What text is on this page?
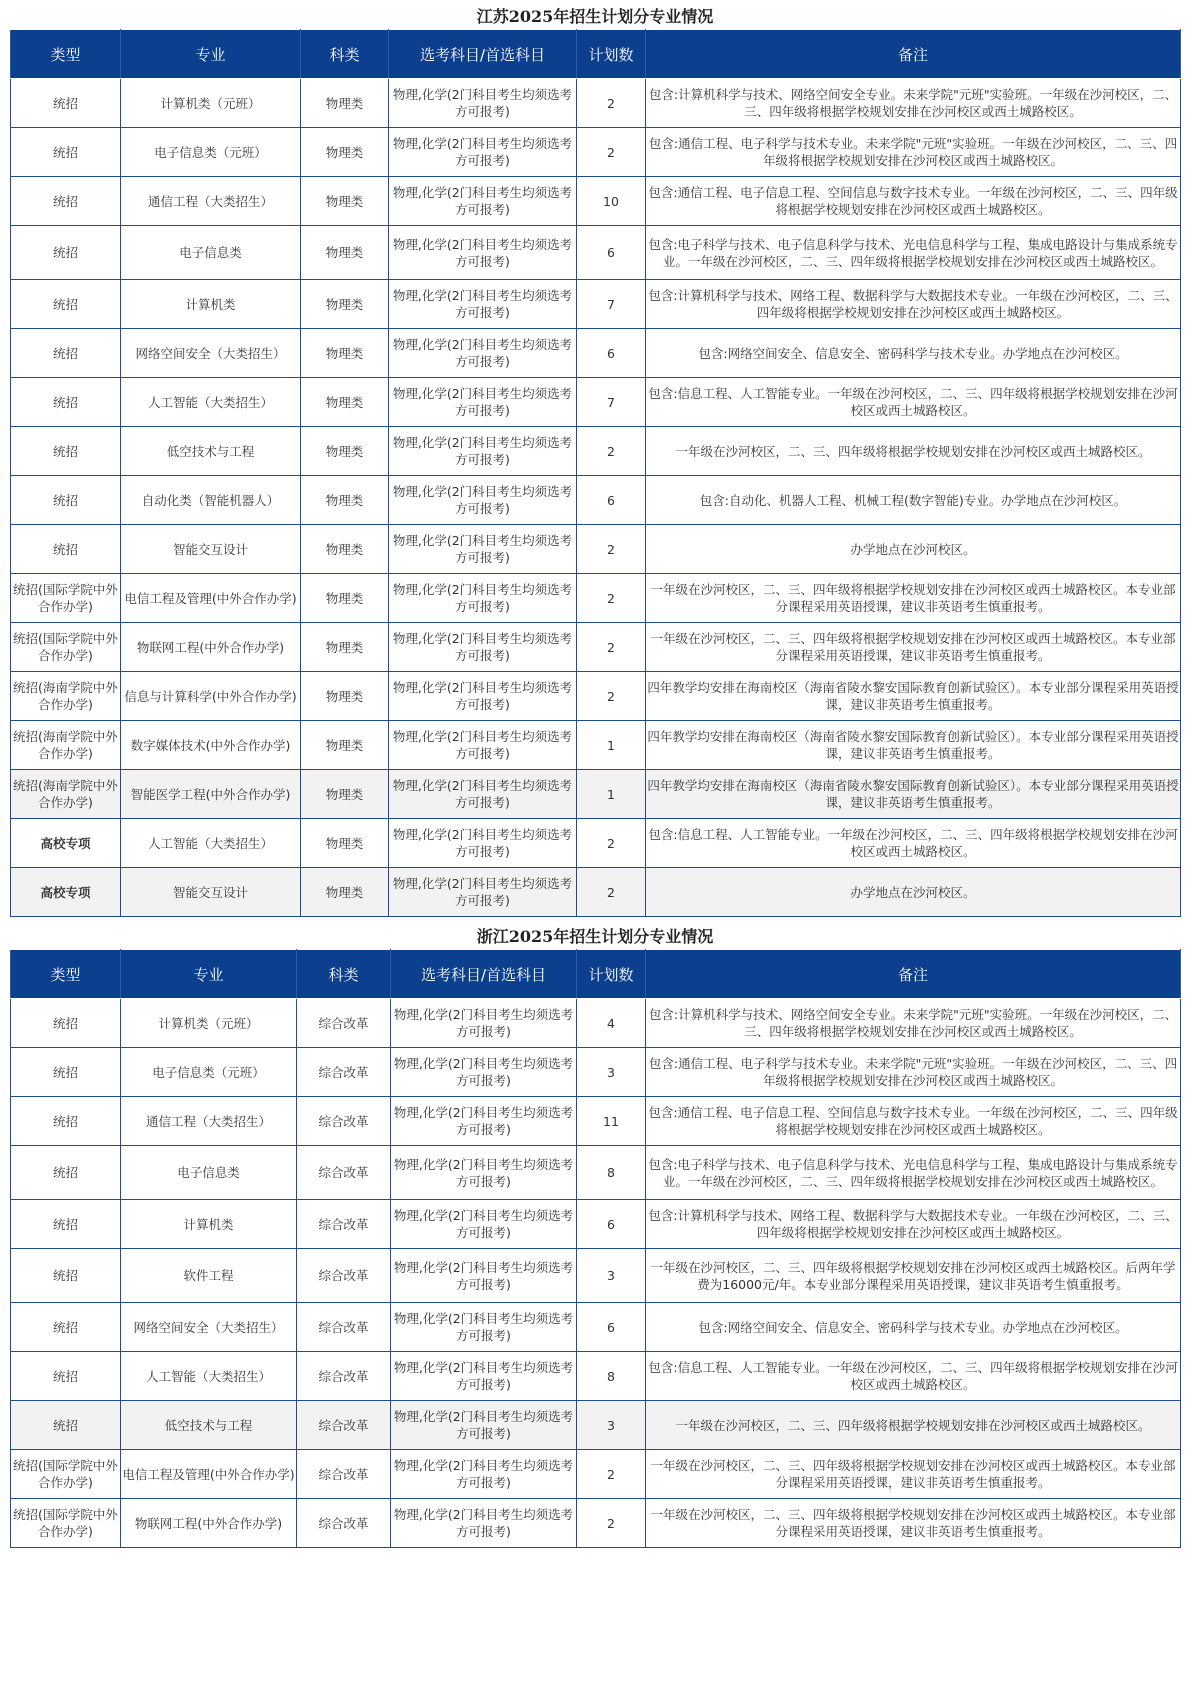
江苏2025年招生计划分专业情况
类型	专业	科类	选考科目/首选科目	计划数	备注
统招	计算机类（元班）	物理类	物理,化学(2门科目考生均须选考方可报考)	2	包含:计算机科学与技术、网络空间安全专业。未来学院"元班"实验班。一年级在沙河校区，二、三、四年级将根据学校规划安排在沙河校区或西土城路校区。
统招	电子信息类（元班）	物理类	物理,化学(2门科目考生均须选考方可报考)	2	包含:通信工程、电子科学与技术专业。未来学院"元班"实验班。一年级在沙河校区，二、三、四年级将根据学校规划安排在沙河校区或西土城路校区。
统招	通信工程（大类招生）	物理类	物理,化学(2门科目考生均须选考方可报考)	10	包含:通信工程、电子信息工程、空间信息与数字技术专业。一年级在沙河校区，二、三、四年级将根据学校规划安排在沙河校区或西土城路校区。
统招	电子信息类	物理类	物理,化学(2门科目考生均须选考方可报考)	6	包含:电子科学与技术、电子信息科学与技术、光电信息科学与工程、集成电路设计与集成系统专业。一年级在沙河校区，二、三、四年级将根据学校规划安排在沙河校区或西土城路校区。
统招	计算机类	物理类	物理,化学(2门科目考生均须选考方可报考)	7	包含:计算机科学与技术、网络工程、数据科学与大数据技术专业。一年级在沙河校区，二、三、四年级将根据学校规划安排在沙河校区或西土城路校区。
统招	网络空间安全（大类招生）	物理类	物理,化学(2门科目考生均须选考方可报考)	6	包含:网络空间安全、信息安全、密码科学与技术专业。办学地点在沙河校区。
统招	人工智能（大类招生）	物理类	物理,化学(2门科目考生均须选考方可报考)	7	包含:信息工程、人工智能专业。一年级在沙河校区，二、三、四年级将根据学校规划安排在沙河校区或西土城路校区。
统招	低空技术与工程	物理类	物理,化学(2门科目考生均须选考方可报考)	2	一年级在沙河校区，二、三、四年级将根据学校规划安排在沙河校区或西土城路校区。
统招	自动化类（智能机器人）	物理类	物理,化学(2门科目考生均须选考方可报考)	6	包含:自动化、机器人工程、机械工程(数字智能)专业。办学地点在沙河校区。
统招	智能交互设计	物理类	物理,化学(2门科目考生均须选考方可报考)	2	办学地点在沙河校区。
统招(国际学院中外合作办学)	电信工程及管理(中外合作办学)	物理类	物理,化学(2门科目考生均须选考方可报考)	2	一年级在沙河校区，二、三、四年级将根据学校规划安排在沙河校区或西土城路校区。本专业部分课程采用英语授课，建议非英语考生慎重报考。
统招(国际学院中外合作办学)	物联网工程(中外合作办学)	物理类	物理,化学(2门科目考生均须选考方可报考)	2	一年级在沙河校区，二、三、四年级将根据学校规划安排在沙河校区或西土城路校区。本专业部分课程采用英语授课，建议非英语考生慎重报考。
统招(海南学院中外合作办学)	信息与计算科学(中外合作办学)	物理类	物理,化学(2门科目考生均须选考方可报考)	2	四年教学均安排在海南校区（海南省陵水黎安国际教育创新试验区）。本专业部分课程采用英语授课，建议非英语考生慎重报考。
统招(海南学院中外合作办学)	数字媒体技术(中外合作办学)	物理类	物理,化学(2门科目考生均须选考方可报考)	1	四年教学均安排在海南校区（海南省陵水黎安国际教育创新试验区）。本专业部分课程采用英语授课，建议非英语考生慎重报考。
统招(海南学院中外合作办学)	智能医学工程(中外合作办学)	物理类	物理,化学(2门科目考生均须选考方可报考)	1	四年教学均安排在海南校区（海南省陵水黎安国际教育创新试验区）。本专业部分课程采用英语授课，建议非英语考生慎重报考。
高校专项	人工智能（大类招生）	物理类	物理,化学(2门科目考生均须选考方可报考)	2	包含:信息工程、人工智能专业。一年级在沙河校区，二、三、四年级将根据学校规划安排在沙河校区或西土城路校区。
高校专项	智能交互设计	物理类	物理,化学(2门科目考生均须选考方可报考)	2	办学地点在沙河校区。
浙江2025年招生计划分专业情况
类型	专业	科类	选考科目/首选科目	计划数	备注
统招	计算机类（元班）	综合改革	物理,化学(2门科目考生均须选考方可报考)	4	包含:计算机科学与技术、网络空间安全专业。未来学院"元班"实验班。一年级在沙河校区，二、三、四年级将根据学校规划安排在沙河校区或西土城路校区。
统招	电子信息类（元班）	综合改革	物理,化学(2门科目考生均须选考方可报考)	3	包含:通信工程、电子科学与技术专业。未来学院"元班"实验班。一年级在沙河校区，二、三、四年级将根据学校规划安排在沙河校区或西土城路校区。
统招	通信工程（大类招生）	综合改革	物理,化学(2门科目考生均须选考方可报考)	11	包含:通信工程、电子信息工程、空间信息与数字技术专业。一年级在沙河校区，二、三、四年级将根据学校规划安排在沙河校区或西土城路校区。
统招	电子信息类	综合改革	物理,化学(2门科目考生均须选考方可报考)	8	包含:电子科学与技术、电子信息科学与技术、光电信息科学与工程、集成电路设计与集成系统专业。一年级在沙河校区，二、三、四年级将根据学校规划安排在沙河校区或西土城路校区。
统招	计算机类	综合改革	物理,化学(2门科目考生均须选考方可报考)	6	包含:计算机科学与技术、网络工程、数据科学与大数据技术专业。一年级在沙河校区，二、三、四年级将根据学校规划安排在沙河校区或西土城路校区。
统招	软件工程	综合改革	物理,化学(2门科目考生均须选考方可报考)	3	一年级在沙河校区，二、三、四年级将根据学校规划安排在沙河校区或西土城路校区。后两年学费为16000元/年。本专业部分课程采用英语授课，建议非英语考生慎重报考。
统招	网络空间安全（大类招生）	综合改革	物理,化学(2门科目考生均须选考方可报考)	6	包含:网络空间安全、信息安全、密码科学与技术专业。办学地点在沙河校区。
统招	人工智能（大类招生）	综合改革	物理,化学(2门科目考生均须选考方可报考)	8	包含:信息工程、人工智能专业。一年级在沙河校区，二、三、四年级将根据学校规划安排在沙河校区或西土城路校区。
统招	低空技术与工程	综合改革	物理,化学(2门科目考生均须选考方可报考)	3	一年级在沙河校区，二、三、四年级将根据学校规划安排在沙河校区或西土城路校区。
统招(国际学院中外合作办学)	电信工程及管理(中外合作办学)	综合改革	物理,化学(2门科目考生均须选考方可报考)	2	一年级在沙河校区，二、三、四年级将根据学校规划安排在沙河校区或西土城路校区。本专业部分课程采用英语授课，建议非英语考生慎重报考。
统招(国际学院中外合作办学)	物联网工程(中外合作办学)	综合改革	物理,化学(2门科目考生均须选考方可报考)	2	一年级在沙河校区，二、三、四年级将根据学校规划安排在沙河校区或西土城路校区。本专业部分课程采用英语授课，建议非英语考生慎重报考。
